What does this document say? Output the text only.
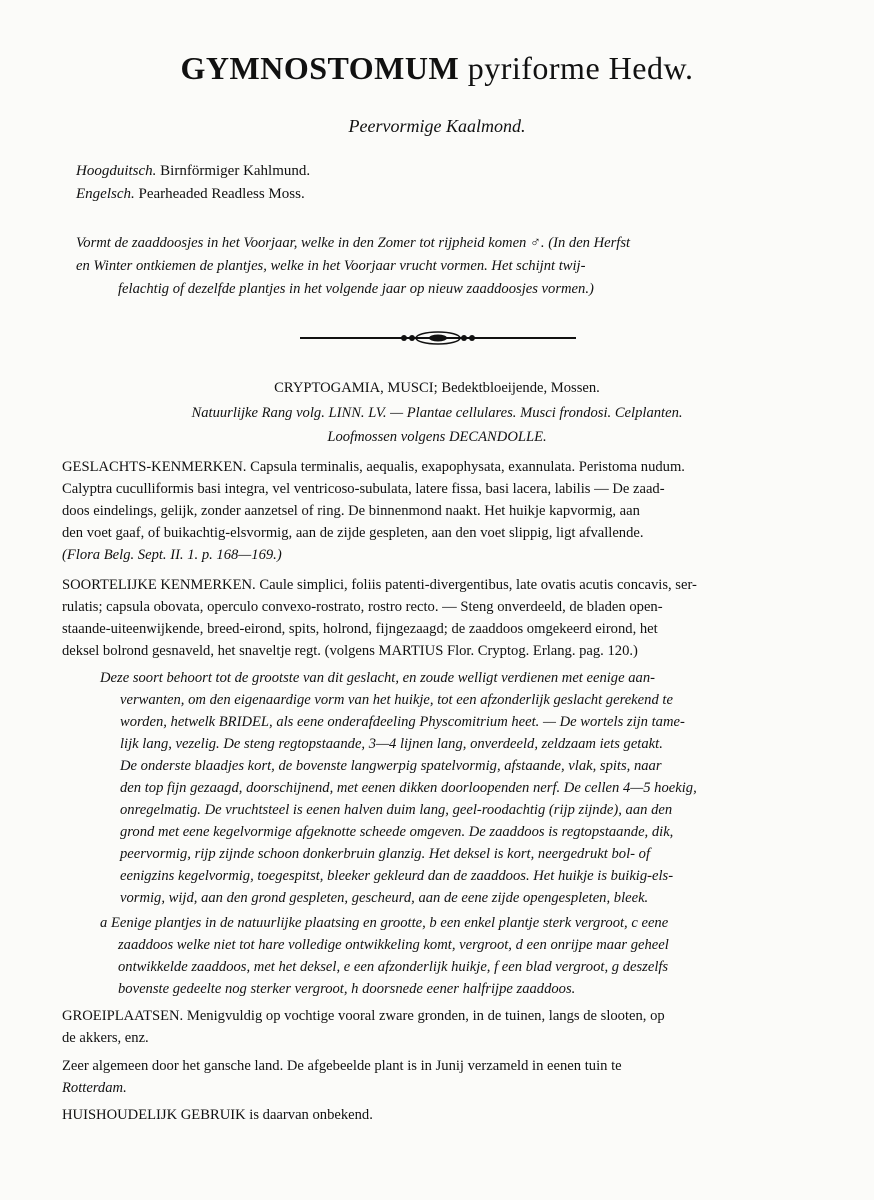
GYMNOSTOMUM pyriforme Hedw.
Peervormige Kaalmond.
Hoogduitsch. Birnförmiger Kahlmund.
Engelsch. Pearheaded Readless Moss.
Vormt de zaaddoosjes in het Voorjaar, welke in den Zomer tot rijpheid komen ♂. (In den Herfst
en Winter ontkiemen de plantjes, welke in het Voorjaar vrucht vormen. Het schijnt twij-
felachtig of dezelfde plantjes in het volgende jaar op nieuw zaaddoosjes vormen.)
CRYPTOGAMIA, MUSCI; Bedektbloeijende, Mossen.
Natuurlijke Rang volg. LINN. LV. — Plantae cellulares. Musci frondosi. Celplanten.
Loofmossen volgens DECANDOLLE.
GESLACHTS-KENMERKEN. Capsula terminalis, aequalis, exapophysata, exannulata. Peristoma nudum.
Calyptra cuculliformis basi integra, vel ventricoso-subulata, latere fissa, basi lacera, labilis — De zaad-
doos eindelings, gelijk, zonder aanzetsel of ring. De binnenmond naakt. Het huikje kapvormig, aan
den voet gaaf, of buikachtig-elsvormig, aan de zijde gespleten, aan den voet slippig, ligt afvallende.
(Flora Belg. Sept. II. 1. p. 168—169.)
SOORTELIJKE KENMERKEN. Caule simplici, foliis patenti-divergentibus, late ovatis acutis concavis, ser-
rulatis; capsula obovata, operculo convexo-rostrato, rostro recto. — Steng onverdeeld, de bladen open-
staande-uiteenwijkende, breed-eirond, spits, holrond, fijngezaagd; de zaaddoos omgekeerd eirond, het
deksel bolrond gesnaveld, het snaveltje regt. (volgens MARTIUS Flor. Cryptog. Erlang. pag. 120.)
Deze soort behoort tot de grootste van dit geslacht, en zoude welligt verdienen met eenige aan-
verwanten, om den eigenaardige vorm van het huikje, tot een afzonderlijk geslacht gerekend te
worden, hetwelk BRIDEL, als eene onderafdeeling Physcomitrium heet. — De wortels zijn tame-
lijk lang, vezelig. De steng regtopstaande, 3—4 lijnen lang, onverdeeld, zeldzaam iets getakt.
De onderste blaadjes kort, de bovenste langwerpig spatelvormig, afstaande, vlak, spits, naar
den top fijn gezaagd, doorschijnend, met eenen dikken doorloopenden nerf. De cellen 4—5 hoekig,
onregelmatig. De vruchtsteel is eenen halven duim lang, geel-roodachtig (rijp zijnde), aan den
grond met eene kegelvormige afgeknotte scheede omgeven. De zaaddoos is regtopstaande, dik,
peervormig, rijp zijnde schoon donkerbruin glanzig. Het deksel is kort, neergedrukt bol- of
eenigzins kegelvormig, toegespitst, bleeker gekleurd dan de zaaddoos. Het huikje is buikig-els-
vormig, wijd, aan den grond gespleten, gescheurd, aan de eene zijde opengespleten, bleek.
a Eenige plantjes in de natuurlijke plaatsing en grootte, b een enkel plantje sterk vergroot, c eene
zaaddoos welke niet tot hare volledige ontwikkeling komt, vergroot, d een onrijpe maar geheel
ontwikkelde zaaddoos, met het deksel, e een afzonderlijk huikje, f een blad vergroot, g deszelfs
bovenste gedeelte nog sterker vergroot, h doorsnede eener halfrijpe zaaddoos.
GROEIPLAATSEN. Menigvuldig op vochtige vooral zware gronden, in de tuinen, langs de slooten, op
de akkers, enz.
Zeer algemeen door het gansche land. De afgebeelde plant is in Junij verzameld in eenen tuin te
Rotterdam.
HUISHOUDELIJK GEBRUIK is daarvan onbekend.
